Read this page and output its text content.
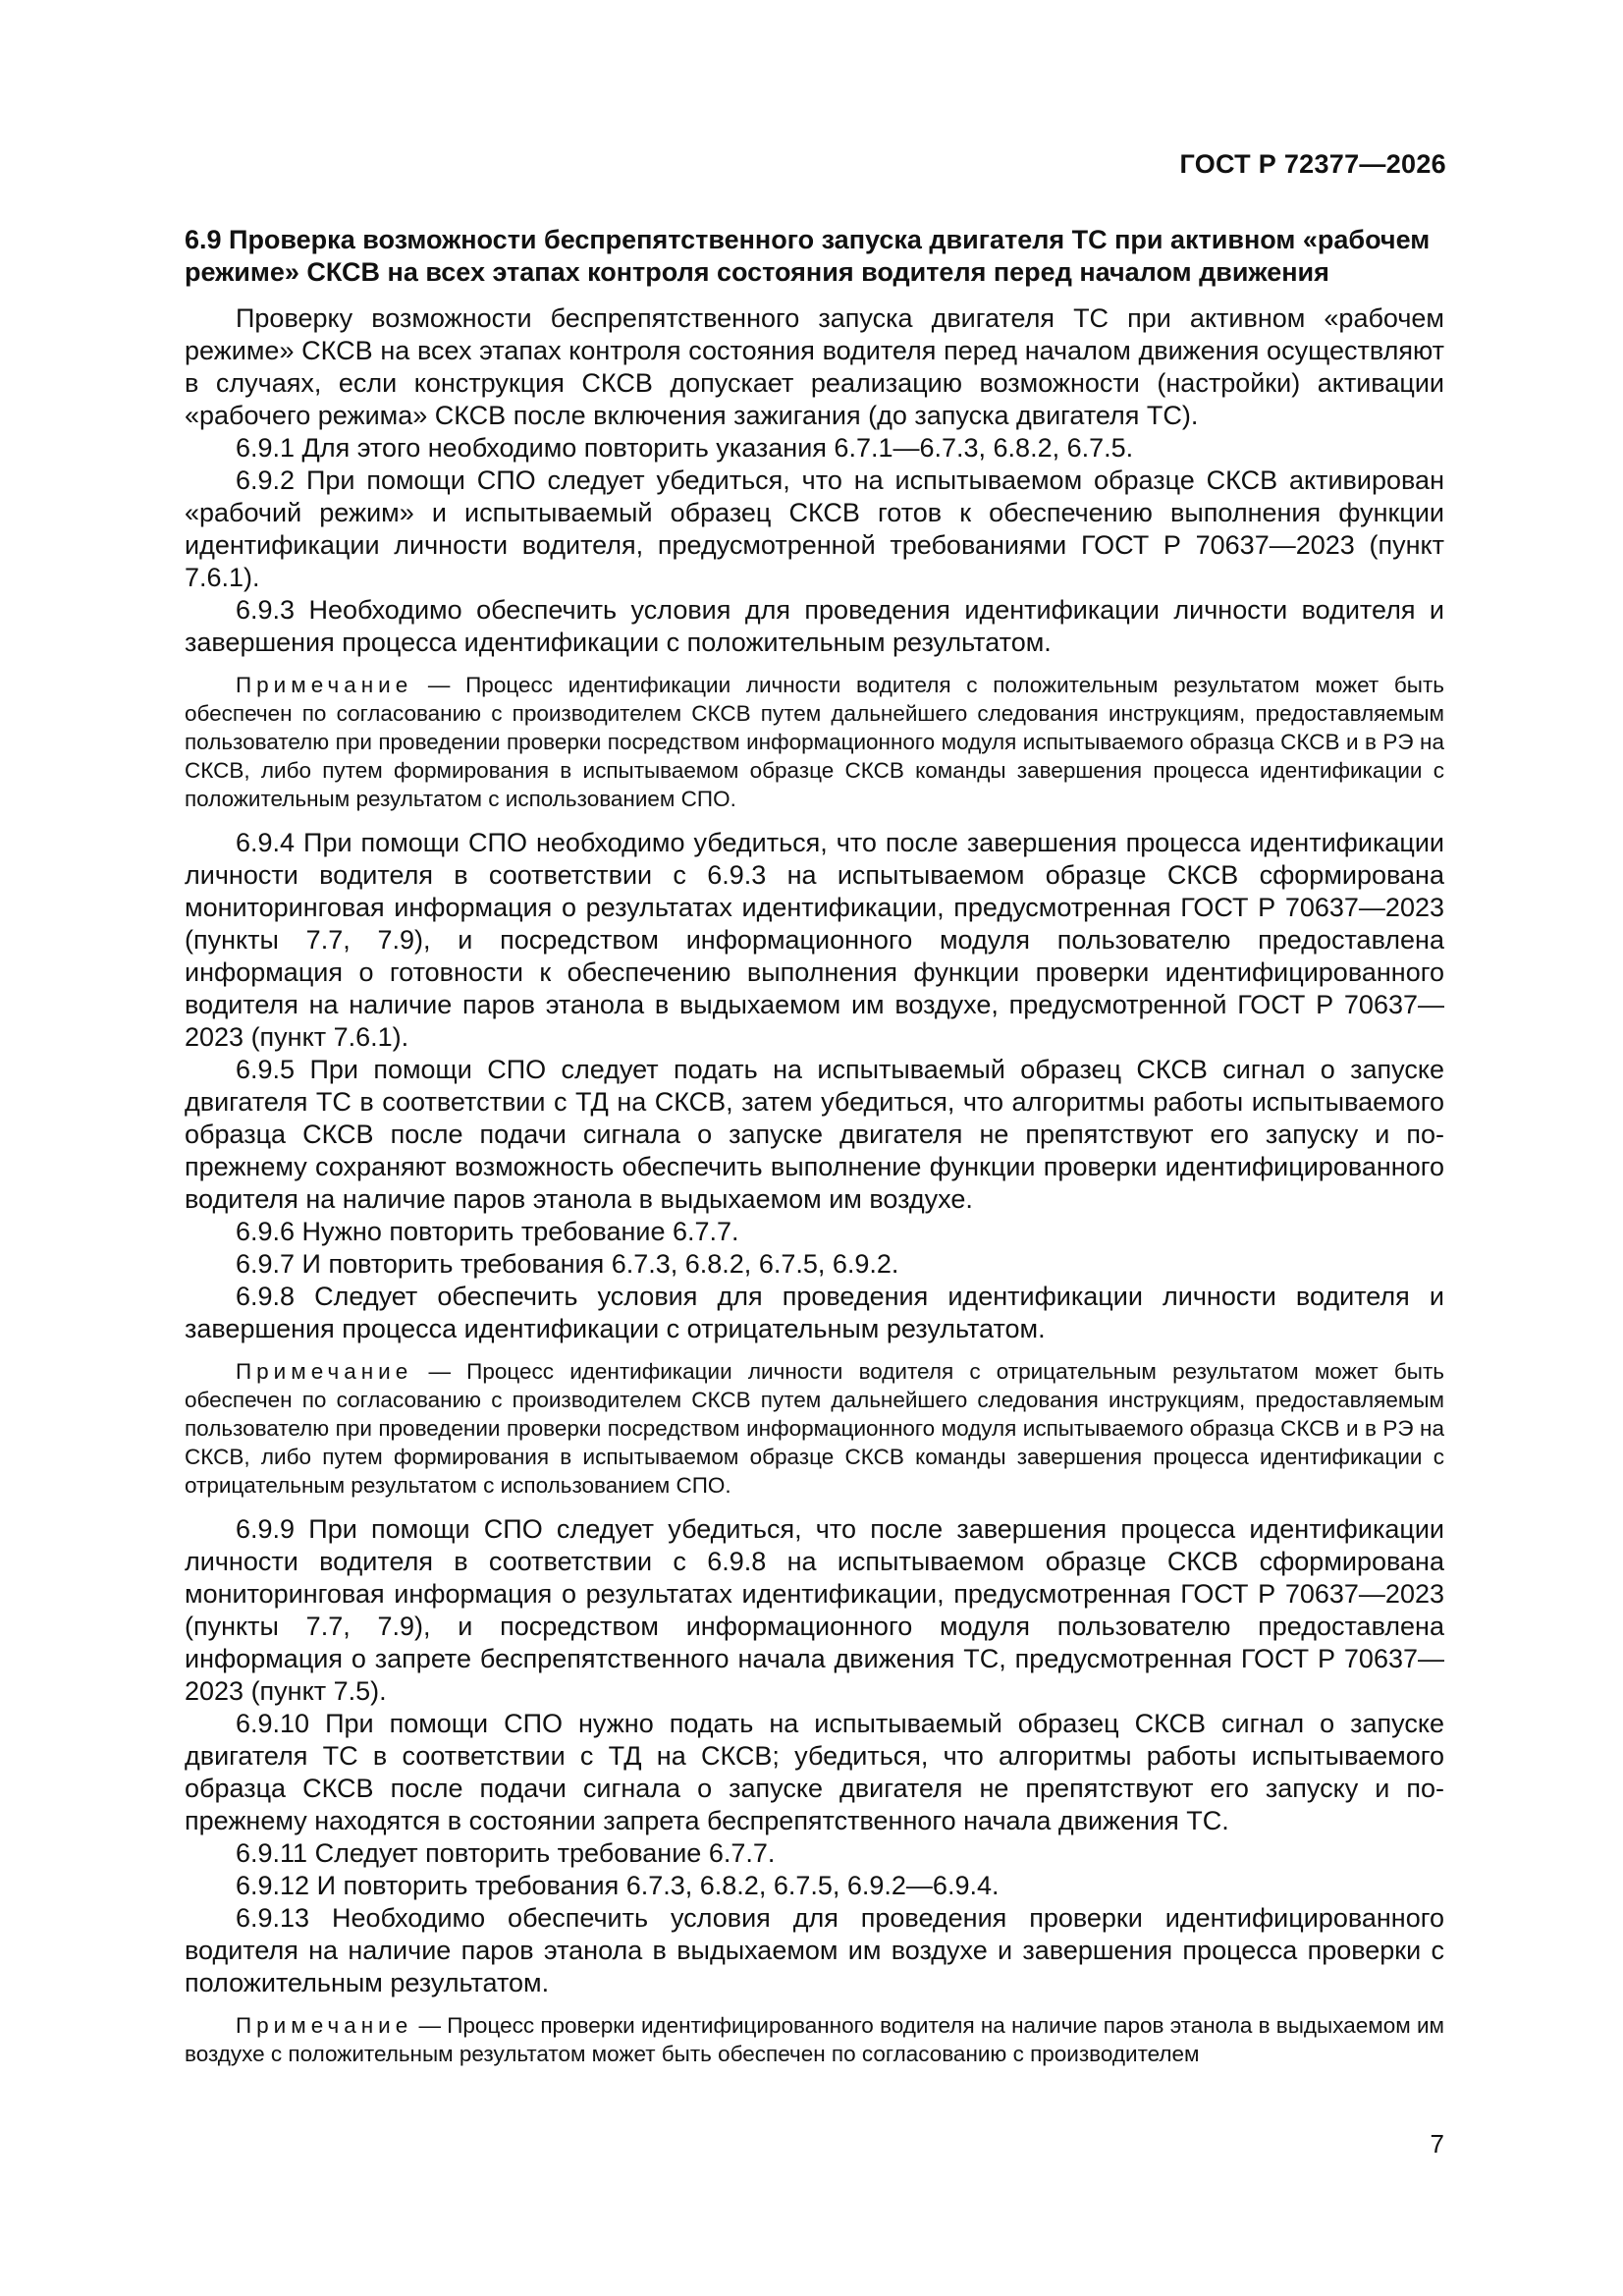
ГОСТ Р 72377—2026
6.9 Проверка возможности беспрепятственного запуска двигателя ТС при активном «рабочем режиме» СКСВ на всех этапах контроля состояния водителя перед началом движения

Проверку возможности беспрепятственного запуска двигателя ТС при активном «рабочем режиме» СКСВ на всех этапах контроля состояния водителя перед началом движения осуществляют в случаях, если конструкция СКСВ допускает реализацию возможности (настройки) активации «рабочего режима» СКСВ после включения зажигания (до запуска двигателя ТС).

6.9.1 Для этого необходимо повторить указания 6.7.1—6.7.3, 6.8.2, 6.7.5.

6.9.2 При помощи СПО следует убедиться, что на испытываемом образце СКСВ активирован «рабочий режим» и испытываемый образец СКСВ готов к обеспечению выполнения функции идентификации личности водителя, предусмотренной требованиями ГОСТ Р 70637—2023 (пункт 7.6.1).

6.9.3 Необходимо обеспечить условия для проведения идентификации личности водителя и завершения процесса идентификации с положительным результатом.

Примечание — Процесс идентификации личности водителя с положительным результатом может быть обеспечен по согласованию с производителем СКСВ путем дальнейшего следования инструкциям, предоставляемым пользователю при проведении проверки посредством информационного модуля испытываемого образца СКСВ и в РЭ на СКСВ, либо путем формирования в испытываемом образце СКСВ команды завершения процесса идентификации с положительным результатом с использованием СПО.

6.9.4 При помощи СПО необходимо убедиться, что после завершения процесса идентификации личности водителя в соответствии с 6.9.3 на испытываемом образце СКСВ сформирована мониторинговая информация о результатах идентификации, предусмотренная ГОСТ Р 70637—2023 (пункты 7.7, 7.9), и посредством информационного модуля пользователю предоставлена информация о готовности к обеспечению выполнения функции проверки идентифицированного водителя на наличие паров этанола в выдыхаемом им воздухе, предусмотренной ГОСТ Р 70637—2023 (пункт 7.6.1).

6.9.5 При помощи СПО следует подать на испытываемый образец СКСВ сигнал о запуске двигателя ТС в соответствии с ТД на СКСВ, затем убедиться, что алгоритмы работы испытываемого образца СКСВ после подачи сигнала о запуске двигателя не препятствуют его запуску и по-прежнему сохраняют возможность обеспечить выполнение функции проверки идентифицированного водителя на наличие паров этанола в выдыхаемом им воздухе.

6.9.6 Нужно повторить требование 6.7.7.

6.9.7 И повторить требования 6.7.3, 6.8.2, 6.7.5, 6.9.2.

6.9.8 Следует обеспечить условия для проведения идентификации личности водителя и завершения процесса идентификации с отрицательным результатом.

Примечание — Процесс идентификации личности водителя с отрицательным результатом может быть обеспечен по согласованию с производителем СКСВ путем дальнейшего следования инструкциям, предоставляемым пользователю при проведении проверки посредством информационного модуля испытываемого образца СКСВ и в РЭ на СКСВ, либо путем формирования в испытываемом образце СКСВ команды завершения процесса идентификации с отрицательным результатом с использованием СПО.

6.9.9 При помощи СПО следует убедиться, что после завершения процесса идентификации личности водителя в соответствии с 6.9.8 на испытываемом образце СКСВ сформирована мониторинговая информация о результатах идентификации, предусмотренная ГОСТ Р 70637—2023 (пункты 7.7, 7.9), и посредством информационного модуля пользователю предоставлена информация о запрете беспрепятственного начала движения ТС, предусмотренная ГОСТ Р 70637—2023 (пункт 7.5).

6.9.10 При помощи СПО нужно подать на испытываемый образец СКСВ сигнал о запуске двигателя ТС в соответствии с ТД на СКСВ; убедиться, что алгоритмы работы испытываемого образца СКСВ после подачи сигнала о запуске двигателя не препятствуют его запуску и по-прежнему находятся в состоянии запрета беспрепятственного начала движения ТС.

6.9.11 Следует повторить требование 6.7.7.

6.9.12 И повторить требования 6.7.3, 6.8.2, 6.7.5, 6.9.2—6.9.4.

6.9.13 Необходимо обеспечить условия для проведения проверки идентифицированного водителя на наличие паров этанола в выдыхаемом им воздухе и завершения процесса проверки с положительным результатом.

Примечание — Процесс проверки идентифицированного водителя на наличие паров этанола в выдыхаемом им воздухе с положительным результатом может быть обеспечен по согласованию с производителем

7
